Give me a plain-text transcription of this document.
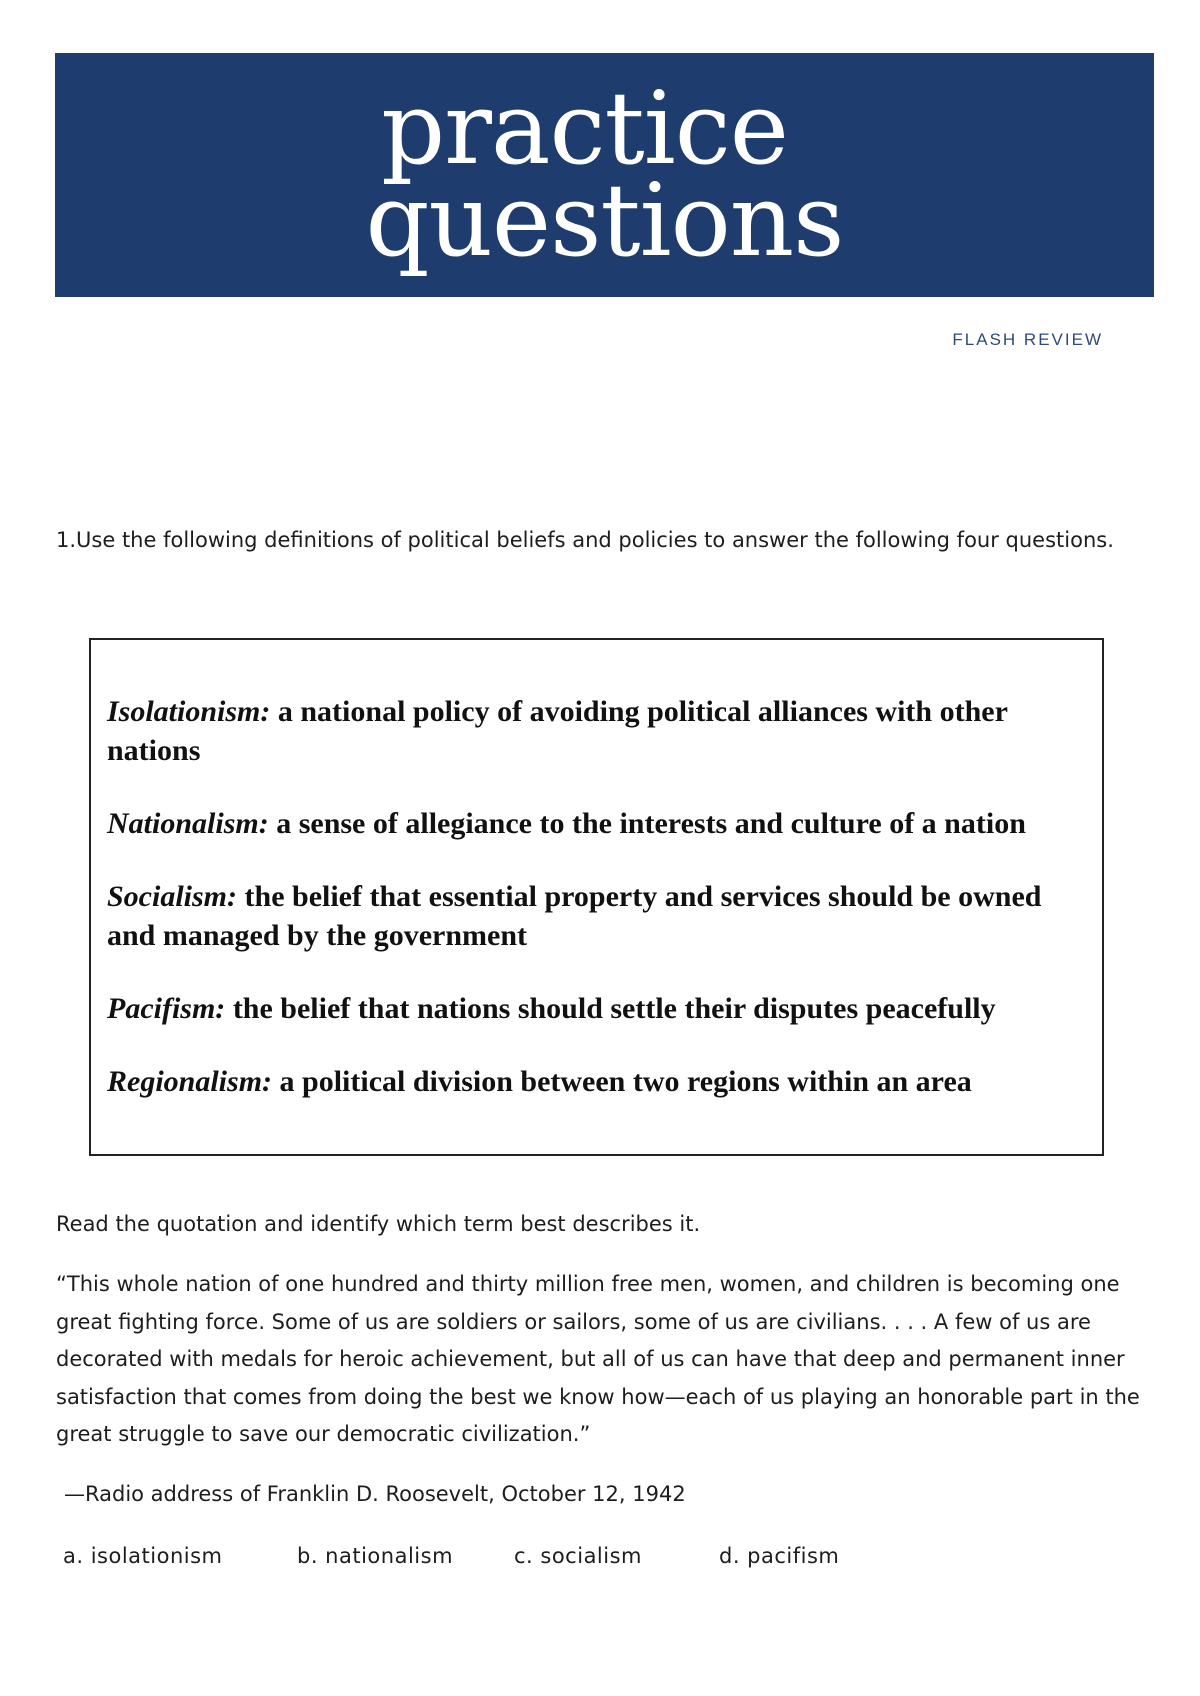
practice
questions
FLASH REVIEW
1.Use the following definitions of political beliefs and policies to answer the following four questions.
Isolationism: a national policy of avoiding political alliances with other nations
Nationalism: a sense of allegiance to the interests and culture of a nation
Socialism: the belief that essential property and services should be owned and managed by the government
Pacifism: the belief that nations should settle their disputes peacefully
Regionalism: a political division between two regions within an area
Read the quotation and identify which term best describes it.
“This whole nation of one hundred and thirty million free men, women, and children is becoming one great fighting force. Some of us are soldiers or sailors, some of us are civilians. . . . A few of us are decorated with medals for heroic achievement, but all of us can have that deep and permanent inner satisfaction that comes from doing the best we know how—each of us playing an honorable part in the great struggle to save our democratic civilization.”
—Radio address of Franklin D. Roosevelt, October 12, 1942
a. isolationism	b. nationalism	c. socialism	d. pacifism
